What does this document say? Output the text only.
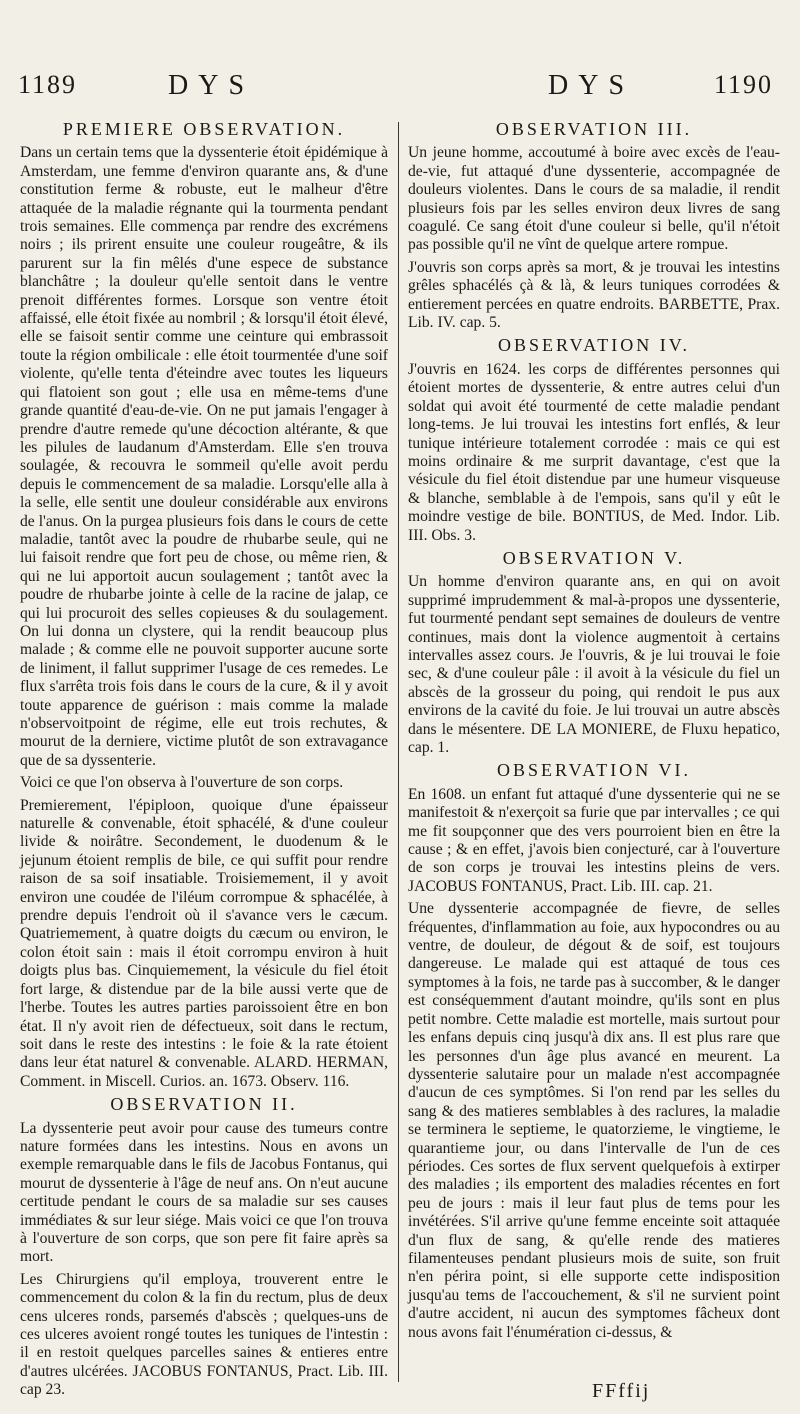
1189	DYS	DYS	1190
PREMIERE OBSERVATION.

Dans un certain tems que la dyssenterie étoit épidémique à Amsterdam, une femme d'environ quarante ans, & d'une constitution ferme & robuste, eut le malheur d'être attaquée de la maladie régnante qui la tourmenta pendant trois semaines. Elle commença par rendre des excrémens noirs ; ils prirent ensuite une couleur rougeâtre, & ils parurent sur la fin mêlés d'une espece de substance blanchâtre ; la douleur qu'elle sentoit dans le ventre prenoit différentes formes. Lorsque son ventre étoit affaissé, elle étoit fixée au nombril ; & lorsqu'il étoit élevé, elle se faisoit sentir comme une ceinture qui embrassoit toute la région ombilicale : elle étoit tourmentée d'une soif violente, qu'elle tenta d'éteindre avec toutes les liqueurs qui flatoient son gout ; elle usa en même-tems d'une grande quantité d'eau-de-vie. On ne put jamais l'engager à prendre d'autre remede qu'une décoction altérante, & que les pilules de laudanum d'Amsterdam. Elle s'en trouva soulagée, & recouvra le sommeil qu'elle avoit perdu depuis le commencement de sa maladie. Lorsqu'elle alla à la selle, elle sentit une douleur considérable aux environs de l'anus. On la purgea plusieurs fois dans le cours de cette maladie, tantôt avec la poudre de rhubarbe seule, qui ne lui faisoit rendre que fort peu de chose, ou même rien, & qui ne lui apportoit aucun soulagement ; tantôt avec la poudre de rhubarbe jointe à celle de la racine de jalap, ce qui lui procuroit des selles copieuses & du soulagement. On lui donna un clystere, qui la rendit beaucoup plus malade ; & comme elle ne pouvoit supporter aucune sorte de liniment, il fallut supprimer l'usage de ces remedes. Le flux s'arrêta trois fois dans le cours de la cure, & il y avoit toute apparence de guérison : mais comme la malade n'observoitpoint de régime, elle eut trois rechutes, & mourut de la derniere, victime plutôt de son extravagance que de sa dyssenterie.

Voici ce que l'on observa à l'ouverture de son corps.

Premierement, l'épiploon, quoique d'une épaisseur naturelle & convenable, étoit sphacélé, & d'une couleur livide & noirâtre. Secondement, le duodenum & le jejunum étoient remplis de bile, ce qui suffit pour rendre raison de sa soif insatiable. Troisiemement, il y avoit environ une coudée de l'iléum corrompue & sphacélée, à prendre depuis l'endroit où il s'avance vers le cæcum. Quatriemement, à quatre doigts du cæcum ou environ, le colon étoit sain : mais il étoit corrompu environ à huit doigts plus bas. Cinquiemement, la vésicule du fiel étoit fort large, & distendue par de la bile aussi verte que de l'herbe. Toutes les autres parties paroissoient être en bon état. Il n'y avoit rien de défectueux, soit dans le rectum, soit dans le reste des intestins : le foie & la rate étoient dans leur état naturel & convenable. ALARD. HERMAN, Comment. in Miscell. Curios. an. 1673. Observ. 116.

OBSERVATION II.

La dyssenterie peut avoir pour cause des tumeurs contre nature formées dans les intestins. Nous en avons un exemple remarquable dans le fils de Jacobus Fontanus, qui mourut de dyssenterie à l'âge de neuf ans. On n'eut aucune certitude pendant le cours de sa maladie sur ses causes immédiates & sur leur siége. Mais voici ce que l'on trouva à l'ouverture de son corps, que son pere fit faire après sa mort.

Les Chirurgiens qu'il employa, trouverent entre le commencement du colon & la fin du rectum, plus de deux cens ulceres ronds, parsemés d'abscès ; quelques-uns de ces ulceres avoient rongé toutes les tuniques de l'intestin : il en restoit quelques parcelles saines & entieres entre d'autres ulcérées. JACOBUS FONTANUS, Pract. Lib. III. cap 23.

OBSERVATION III.

Un jeune homme, accoutumé à boire avec excès de l'eau-de-vie, fut attaqué d'une dyssenterie, accompagnée de douleurs violentes. Dans le cours de sa maladie, il rendit plusieurs fois par les selles environ deux livres de sang coagulé. Ce sang étoit d'une couleur si belle, qu'il n'étoit pas possible qu'il ne vînt de quelque artere rompue.

J'ouvris son corps après sa mort, & je trouvai les intestins grêles sphacélés çà & là, & leurs tuniques corrodées & entierement percées en quatre endroits. BARBETTE, Prax. Lib. IV. cap. 5.

OBSERVATION IV.

J'ouvris en 1624. les corps de différentes personnes qui étoient mortes de dyssenterie, & entre autres celui d'un soldat qui avoit été tourmenté de cette maladie pendant long-tems. Je lui trouvai les intestins fort enflés, & leur tunique intérieure totalement corrodée : mais ce qui est moins ordinaire & me surprit davantage, c'est que la vésicule du fiel étoit distendue par une humeur visqueuse & blanche, semblable à de l'empois, sans qu'il y eût le moindre vestige de bile. BONTIUS, de Med. Indor. Lib. III. Obs. 3.

OBSERVATION V.

Un homme d'environ quarante ans, en qui on avoit supprimé imprudemment & mal-à-propos une dyssenterie, fut tourmenté pendant sept semaines de douleurs de ventre continues, mais dont la violence augmentoit à certains intervalles assez cours. Je l'ouvris, & je lui trouvai le foie sec, & d'une couleur pâle : il avoit à la vésicule du fiel un abscès de la grosseur du poing, qui rendoit le pus aux environs de la cavité du foie. Je lui trouvai un autre abscès dans le mésentere. DE LA MONIERE, de Fluxu hepatico, cap. 1.

OBSERVATION VI.

En 1608. un enfant fut attaqué d'une dyssenterie qui ne se manifestoit & n'exerçoit sa furie que par intervalles ; ce qui me fit soupçonner que des vers pourroient bien en être la cause ; & en effet, j'avois bien conjecturé, car à l'ouverture de son corps je trouvai les intestins pleins de vers. JACOBUS FONTANUS, Pract. Lib. III. cap. 21.

Une dyssenterie accompagnée de fievre, de selles fréquentes, d'inflammation au foie, aux hypocondres ou au ventre, de douleur, de dégout & de soif, est toujours dangereuse. Le malade qui est attaqué de tous ces symptomes à la fois, ne tarde pas à succomber, & le danger est conséquemment d'autant moindre, qu'ils sont en plus petit nombre. Cette maladie est mortelle, mais surtout pour les enfans depuis cinq jusqu'à dix ans. Il est plus rare que les personnes d'un âge plus avancé en meurent. La dyssenterie salutaire pour un malade n'est accompagnée d'aucun de ces symptômes. Si l'on rend par les selles du sang & des matieres semblables à des raclures, la maladie se terminera le septieme, le quatorzieme, le vingtieme, le quarantieme jour, ou dans l'intervalle de l'un de ces périodes. Ces sortes de flux servent quelquefois à extirper des maladies ; ils emportent des maladies récentes en fort peu de jours : mais il leur faut plus de tems pour les invétérées. S'il arrive qu'une femme enceinte soit attaquée d'un flux de sang, & qu'elle rende des matieres filamenteuses pendant plusieurs mois de suite, son fruit n'en périra point, si elle supporte cette indisposition jusqu'au tems de l'accouchement, & s'il ne survient point d'autre accident, ni aucun des symptomes fâcheux dont nous avons fait l'énumération ci-dessus, &

FFffij
